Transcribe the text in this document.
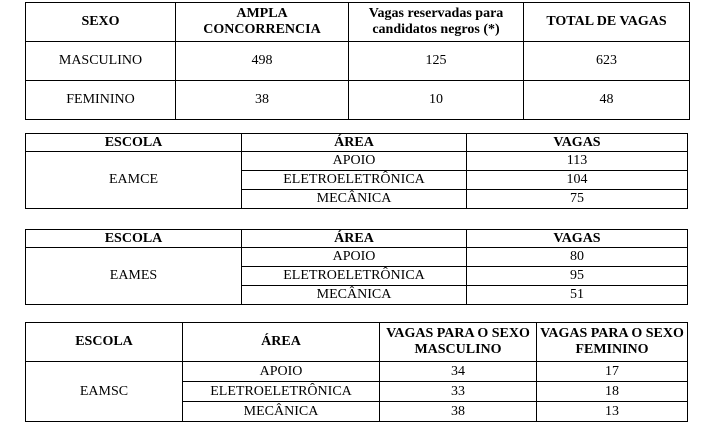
SEXO	AMPLA CONCORRENCIA	Vagas reservadas para candidatos negros (*)	TOTAL DE VAGAS
MASCULINO	498	125	623
FEMININO	38	10	48
ESCOLA	ÁREA	VAGAS
EAMCE	APOIO	113
	ELETROELETRÔNICA	104
	MECÂNICA	75
ESCOLA	ÁREA	VAGAS
EAMES	APOIO	80
	ELETROELETRÔNICA	95
	MECÂNICA	51
ESCOLA	ÁREA	VAGAS PARA O SEXO MASCULINO	VAGAS PARA O SEXO FEMININO
EAMSC	APOIO	34	17
	ELETROELETRÔNICA	33	18
	MECÂNICA	38	13
